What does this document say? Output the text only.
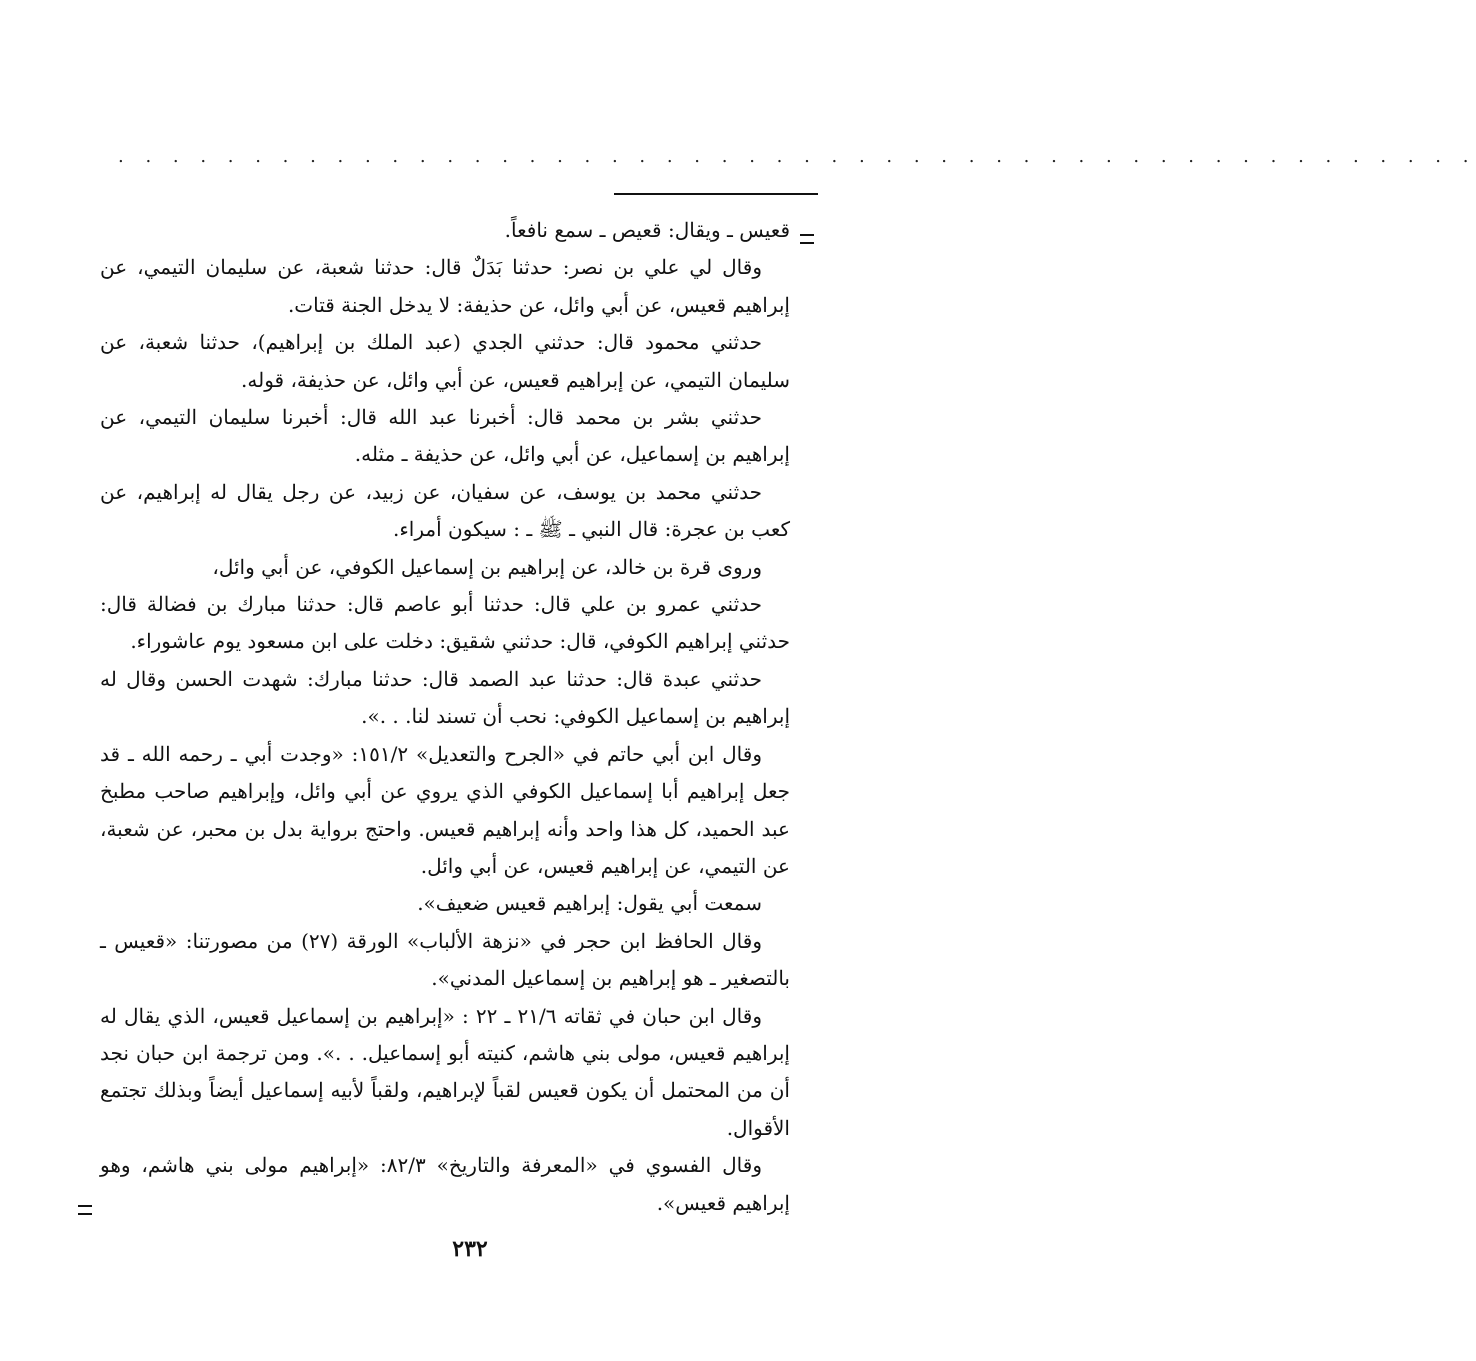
. . . . . . . . . . . . . . . . . . . . . . . . . . . . . . . . . . . . . . . . . . . . . . . . . .

قعيس ـ ويقال: قعيص ـ سمع نافعاً.

وقال لي علي بن نصر: حدثنا بَدَلٌ قال: حدثنا شعبة، عن سليمان التيمي، عن إبراهيم قعيس، عن أبي وائل، عن حذيفة: لا يدخل الجنة قتات.

حدثني محمود قال: حدثني الجدي (عبد الملك بن إبراهيم)، حدثنا شعبة، عن سليمان التيمي، عن إبراهيم قعيس، عن أبي وائل، عن حذيفة، قوله.

حدثني بشر بن محمد قال: أخبرنا عبد الله قال: أخبرنا سليمان التيمي، عن إبراهيم بن إسماعيل، عن أبي وائل، عن حذيفة ـ مثله.

حدثني محمد بن يوسف، عن سفيان، عن زبيد، عن رجل يقال له إبراهيم، عن كعب بن عجرة: قال النبي ـ ﷺ ـ : سيكون أمراء.

وروى قرة بن خالد، عن إبراهيم بن إسماعيل الكوفي، عن أبي وائل،

حدثني عمرو بن علي قال: حدثنا أبو عاصم قال: حدثنا مبارك بن فضالة قال: حدثني إبراهيم الكوفي، قال: حدثني شقيق: دخلت على ابن مسعود يوم عاشوراء.

حدثني عبدة قال: حدثنا عبد الصمد قال: حدثنا مبارك: شهدت الحسن وقال له إبراهيم بن إسماعيل الكوفي: نحب أن تسند لنا. . .».

وقال ابن أبي حاتم في «الجرح والتعديل» ١٥١/٢: «وجدت أبي ـ رحمه الله ـ قد جعل إبراهيم أبا إسماعيل الكوفي الذي يروي عن أبي وائل، وإبراهيم صاحب مطبخ عبد الحميد، كل هذا واحد وأنه إبراهيم قعيس. واحتج برواية بدل بن محبر، عن شعبة، عن التيمي، عن إبراهيم قعيس، عن أبي وائل.

سمعت أبي يقول: إبراهيم قعيس ضعيف».

وقال الحافظ ابن حجر في «نزهة الألباب» الورقة (٢٧) من مصورتنا: «قعيس ـ بالتصغير ـ هو إبراهيم بن إسماعيل المدني».

وقال ابن حبان في ثقاته ٢١/٦ ـ ٢٢ : «إبراهيم بن إسماعيل قعيس، الذي يقال له إبراهيم قعيس، مولى بني هاشم، كنيته أبو إسماعيل. . .». ومن ترجمة ابن حبان نجد أن من المحتمل أن يكون قعيس لقباً لإبراهيم، ولقباً لأبيه إسماعيل أيضاً وبذلك تجتمع الأقوال.

وقال الفسوي في «المعرفة والتاريخ» ٨٢/٣: «إبراهيم مولى بني هاشم، وهو إبراهيم قعيس».

٢٣٢
